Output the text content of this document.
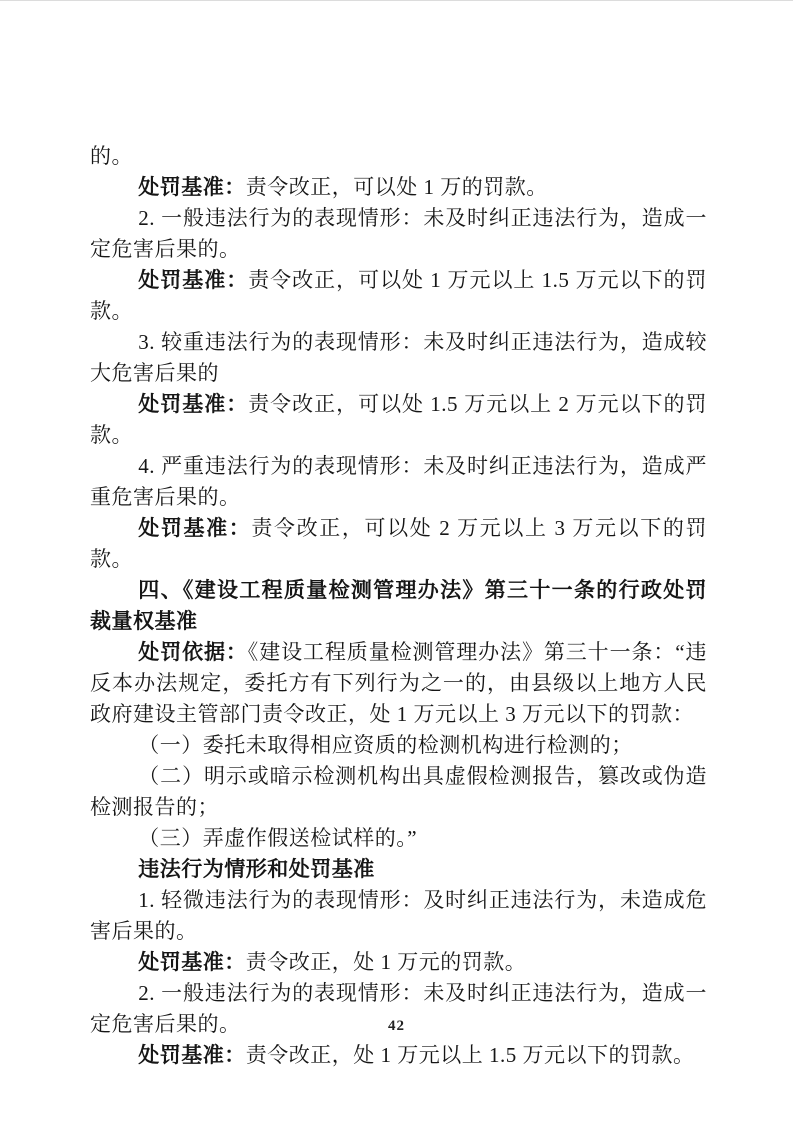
的。

处罚基准：责令改正，可以处 1 万的罚款。

2. 一般违法行为的表现情形：未及时纠正违法行为，造成一定危害后果的。

处罚基准：责令改正，可以处 1 万元以上 1.5 万元以下的罚款。

3. 较重违法行为的表现情形：未及时纠正违法行为，造成较大危害后果的

处罚基准：责令改正，可以处 1.5 万元以上 2 万元以下的罚款。

4. 严重违法行为的表现情形：未及时纠正违法行为，造成严重危害后果的。

处罚基准：责令改正，可以处 2 万元以上 3 万元以下的罚款。

四、《建设工程质量检测管理办法》第三十一条的行政处罚裁量权基准

处罚依据：《建设工程质量检测管理办法》第三十一条：“违反本办法规定，委托方有下列行为之一的，由县级以上地方人民政府建设主管部门责令改正，处 1 万元以上 3 万元以下的罚款：

（一）委托未取得相应资质的检测机构进行检测的；

（二）明示或暗示检测机构出具虚假检测报告，篡改或伪造检测报告的；

（三）弄虚作假送检试样的。”

违法行为情形和处罚基准

1. 轻微违法行为的表现情形：及时纠正违法行为，未造成危害后果的。

处罚基准：责令改正，处 1 万元的罚款。

2. 一般违法行为的表现情形：未及时纠正违法行为，造成一定危害后果的。

处罚基准：责令改正，处 1 万元以上 1.5 万元以下的罚款。

42
